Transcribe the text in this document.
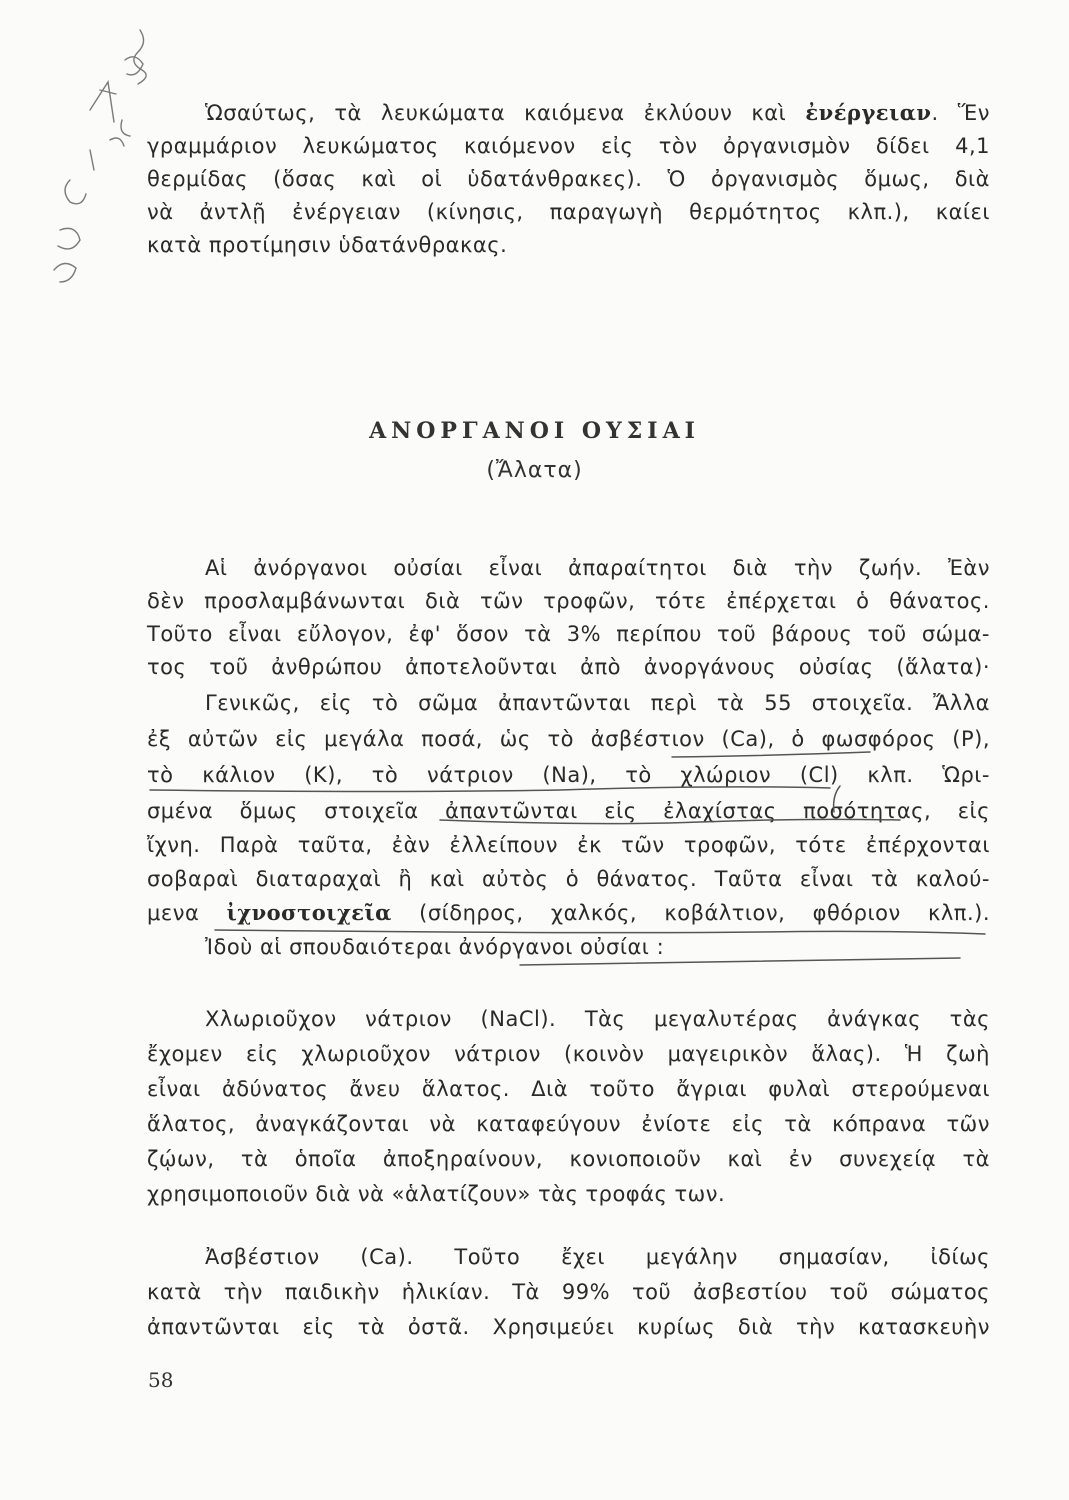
Ὡσαύτως, τὰ λευκώματα καιόμενα ἐκλύουν καὶ ἐνέργειαν. Ἕν
γραμμάριον λευκώματος καιόμενον εἰς τὸν ὀργανισμὸν δίδει 4,1
θερμίδας (ὅσας καὶ οἱ ὑδατάνθρακες). Ὁ ὀργανισμὸς ὅμως, διὰ
νὰ ἀντλῇ ἐνέργειαν (κίνησις, παραγωγὴ θερμότητος κλπ.), καίει
κατὰ προτίμησιν ὑδατάνθρακας.
ΑΝΟΡΓΑΝΟΙ ΟΥΣΙΑΙ
(Ἄλατα)
Αἱ ἀνόργανοι οὐσίαι εἶναι ἀπαραίτητοι διὰ τὴν ζωήν. Ἐὰν
δὲν προσλαμβάνωνται διὰ τῶν τροφῶν, τότε ἐπέρχεται ὁ θάνατος.
Τοῦτο εἶναι εὔλογον, ἐφ' ὅσον τὰ 3% περίπου τοῦ βάρους τοῦ σώμα-
τος τοῦ ἀνθρώπου ἀποτελοῦνται ἀπὸ ἀνοργάνους οὐσίας (ἅλατα)·
Γενικῶς, εἰς τὸ σῶμα ἀπαντῶνται περὶ τὰ 55 στοιχεῖα. Ἄλλα
ἐξ αὐτῶν εἰς μεγάλα ποσά, ὡς τὸ ἀσβέστιον (Ca), ὁ φωσφόρος (P),
τὸ κάλιον (K), τὸ νάτριον (Na), τὸ χλώριον (Cl) κλπ. Ὡρι-
σμένα ὅμως στοιχεῖα ἀπαντῶνται εἰς ἐλαχίστας ποσότητας, εἰς
ἴχνη. Παρὰ ταῦτα, ἐὰν ἐλλείπουν ἐκ τῶν τροφῶν, τότε ἐπέρχονται
σοβαραὶ διαταραχαὶ ἢ καὶ αὐτὸς ὁ θάνατος. Ταῦτα εἶναι τὰ καλού-
μενα ἰχνοστοιχεῖα (σίδηρος, χαλκός, κοβάλτιον, φθόριον κλπ.).
Ἰδοὺ αἱ σπουδαιότεραι ἀνόργανοι οὐσίαι :
Χλωριοῦχον νάτριον (NaCl). Τὰς μεγαλυτέρας ἀνάγκας τὰς
ἔχομεν εἰς χλωριοῦχον νάτριον (κοινὸν μαγειρικὸν ἅλας). Ἡ ζωὴ
εἶναι ἀδύνατος ἄνευ ἅλατος. Διὰ τοῦτο ἄγριαι φυλαὶ στερούμεναι
ἅλατος, ἀναγκάζονται νὰ καταφεύγουν ἐνίοτε εἰς τὰ κόπρανα τῶν
ζῴων, τὰ ὁποῖα ἀποξηραίνουν, κονιοποιοῦν καὶ ἐν συνεχείᾳ τὰ
χρησιμοποιοῦν διὰ νὰ «ἁλατίζουν» τὰς τροφάς των.
Ἀσβέστιον (Ca). Τοῦτο ἔχει μεγάλην σημασίαν, ἰδίως
κατὰ τὴν παιδικὴν ἡλικίαν. Τὰ 99% τοῦ ἀσβεστίου τοῦ σώματος
ἀπαντῶνται εἰς τὰ ὀστᾶ. Χρησιμεύει κυρίως διὰ τὴν κατασκευὴν
58
